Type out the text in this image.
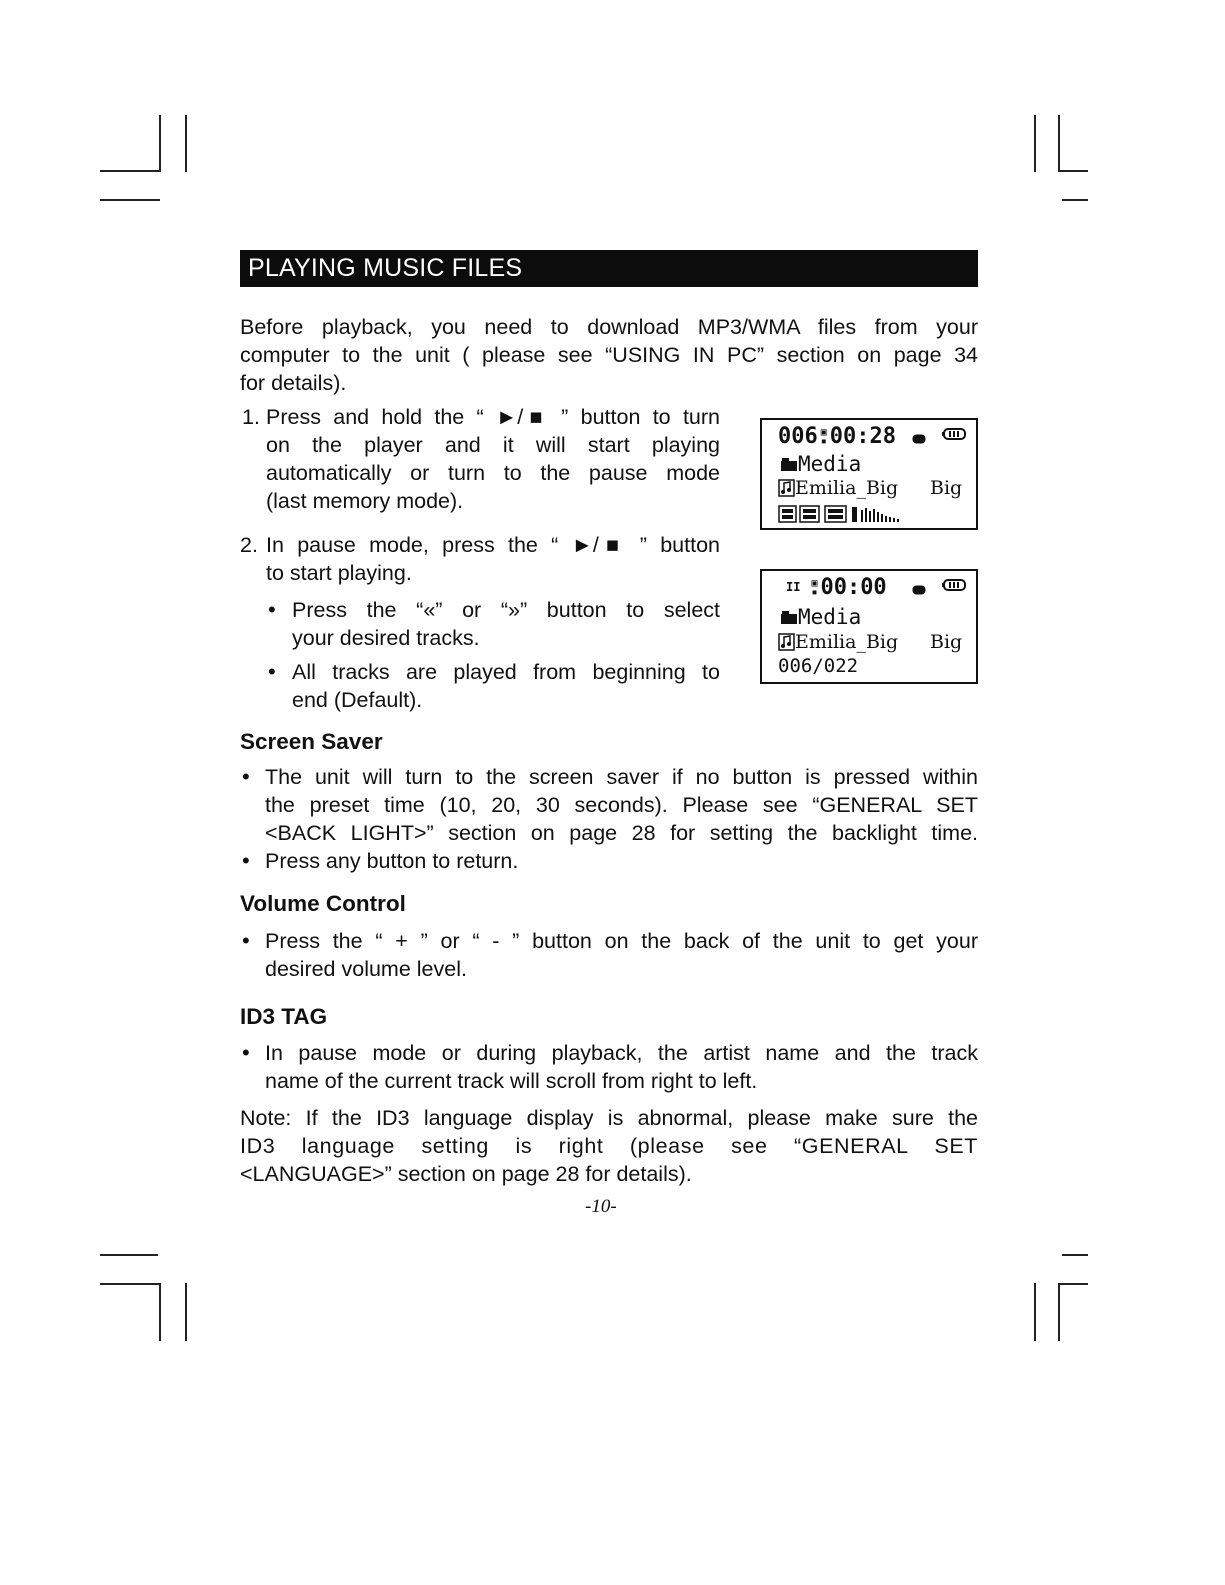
PLAYING MUSIC FILES
Before playback, you need to download MP3/WMA files from your
computer to the unit ( please see “USING IN PC” section on page 34
for details).
1. Press and hold the “ ►/■ ” button to turn
on the player and it will start playing
automatically or turn to the pause mode
(last memory mode).
2. In pause mode, press the “ ►/■ ” button
to start playing.
• Press the “«” or “»” button to select
your desired tracks.
• All tracks are played from beginning to
end (Default).
006 ▣
▪ 00:28
Media
Emilia_Big Big
II ▣
▪ 00:00
Media
Emilia_Big Big
006/022
Screen Saver
• The unit will turn to the screen saver if no button is pressed within
the preset time (10, 20, 30 seconds). Please see “GENERAL SET
<BACK LIGHT>” section on page 28 for setting the backlight time.
• Press any button to return.
Volume Control
• Press the “ + ” or “ - ” button on the back of the unit to get your
desired volume level.
ID3 TAG
• In pause mode or during playback, the artist name and the track
name of the current track will scroll from right to left.
Note: If the ID3 language display is abnormal, please make sure the
ID3 language setting is right (please see “GENERAL SET
<LANGUAGE>” section on page 28 for details).
-10-
